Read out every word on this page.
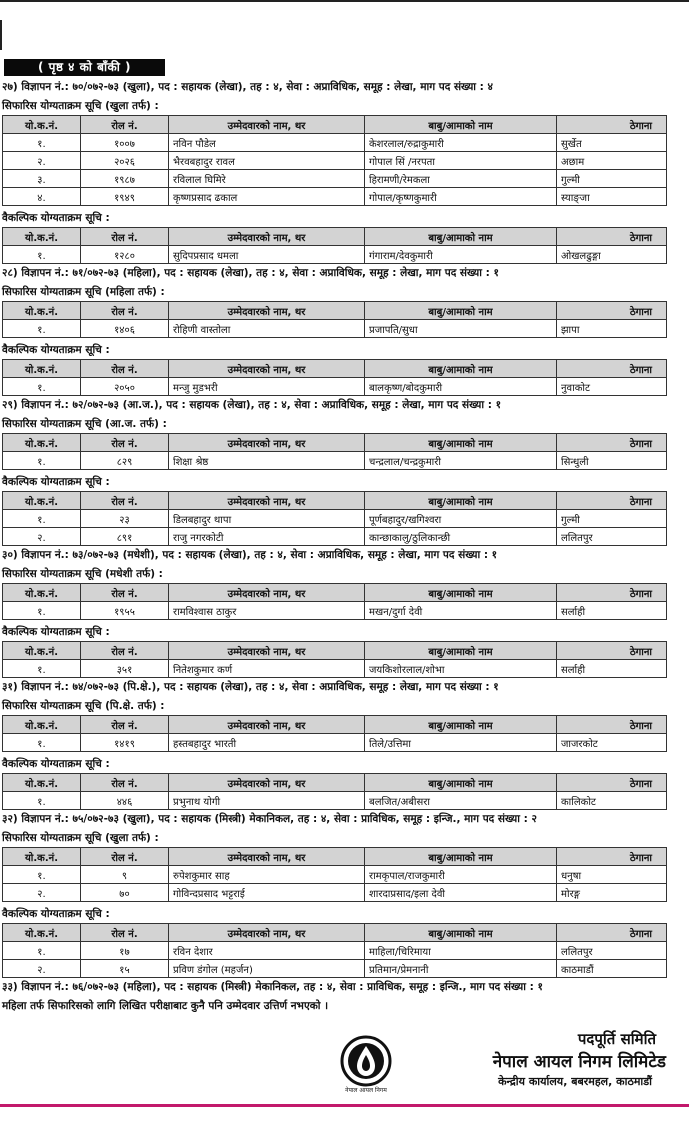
( पृष्ठ ४ को बाँकी )
२७) विज्ञापन नं.: ७०/०७२-७३ (खुला), पद : सहायक (लेखा), तह : ४, सेवा : अप्राविधिक, समूह : लेखा, माग पद संख्या : ४
सिफारिस योग्यताक्रम सूचि (खुला तर्फ) :
यो.क.नं.	रोल नं.	उम्मेदवारको नाम, थर	बाबु/आमाको नाम	ठेगाना
१.	१००७	नविन पौडेल	केशरलाल/रुद्राकुमारी	सुर्खेत
२.	२०२६	भैरवबहादुर रावल	गोपाल सिं /नरपता	अछाम
३.	१९८७	रविलाल घिमिरे	हिरामणी/रेमकला	गुल्मी
४.	१९४९	कृष्णप्रसाद ढकाल	गोपाल/कृष्णकुमारी	स्याङ्जा
वैकल्पिक योग्यताक्रम सूचि :
यो.क.नं.	रोल नं.	उम्मेदवारको नाम, थर	बाबु/आमाको नाम	ठेगाना
१.	१२८०	सुदिपप्रसाद धमला	गंगाराम/देवकुमारी	ओखलढुङ्गा
२८) विज्ञापन नं.: ७१/०७२-७३ (महिला), पद : सहायक (लेखा), तह : ४, सेवा : अप्राविधिक, समूह : लेखा, माग पद संख्या : १
सिफारिस योग्यताक्रम सूचि (महिला तर्फ) :
यो.क.नं.	रोल नं.	उम्मेदवारको नाम, थर	बाबु/आमाको नाम	ठेगाना
१.	१४०६	रोहिणी वास्तोला	प्रजापति/सुधा	झापा
वैकल्पिक योग्यताक्रम सूचि :
यो.क.नं.	रोल नं.	उम्मेदवारको नाम, थर	बाबु/आमाको नाम	ठेगाना
१.	२०५०	मन्जु मुडभरी	बालकृष्ण/बोदकुमारी	नुवाकोट
२९) विज्ञापन नं.: ७२/०७२-७३ (आ.ज.), पद : सहायक (लेखा), तह : ४, सेवा : अप्राविधिक, समूह : लेखा, माग पद संख्या : १
सिफारिस योग्यताक्रम सूचि (आ.ज. तर्फ) :
यो.क.नं.	रोल नं.	उम्मेदवारको नाम, थर	बाबु/आमाको नाम	ठेगाना
१.	८२९	शिक्षा श्रेष्ठ	चन्द्रलाल/चन्द्रकुमारी	सिन्धुली
वैकल्पिक योग्यताक्रम सूचि :
यो.क.नं.	रोल नं.	उम्मेदवारको नाम, थर	बाबु/आमाको नाम	ठेगाना
१.	२३	डिलबहादुर थापा	पूर्णबहादुर/खगिश्वरा	गुल्मी
२.	८९१	राजु नगरकोटी	कान्छाकालु/ठुलिकान्छी	ललितपुर
३०) विज्ञापन नं.: ७३/०७२-७३ (मधेशी), पद : सहायक (लेखा), तह : ४, सेवा : अप्राविधिक, समूह : लेखा, माग पद संख्या : १
सिफारिस योग्यताक्रम सूचि (मधेशी तर्फ) :
यो.क.नं.	रोल नं.	उम्मेदवारको नाम, थर	बाबु/आमाको नाम	ठेगाना
१.	१९५५	रामविश्वास ठाकुर	मखन/दुर्गा देवी	सर्लाही
वैकल्पिक योग्यताक्रम सूचि :
यो.क.नं.	रोल नं.	उम्मेदवारको नाम, थर	बाबु/आमाको नाम	ठेगाना
१.	३५१	नितेशकुमार कर्ण	जयकिशोरलाल/शोभा	सर्लाही
३१) विज्ञापन नं.: ७४/०७२-७३ (पि.क्षे.), पद : सहायक (लेखा), तह : ४, सेवा : अप्राविधिक, समूह : लेखा, माग पद संख्या : १
सिफारिस योग्यताक्रम सूचि (पि.क्षे. तर्फ) :
यो.क.नं.	रोल नं.	उम्मेदवारको नाम, थर	बाबु/आमाको नाम	ठेगाना
१.	१४१९	हस्तबहादुर भारती	तिले/उत्तिमा	जाजरकोट
वैकल्पिक योग्यताक्रम सूचि :
यो.क.नं.	रोल नं.	उम्मेदवारको नाम, थर	बाबु/आमाको नाम	ठेगाना
१.	४४६	प्रभुनाथ योगी	बलजित/अबीसरा	कालिकोट
३२) विज्ञापन नं.: ७५/०७२-७३ (खुला), पद : सहायक (मिस्त्री) मेकानिकल, तह : ४, सेवा : प्राविधिक, समूह : इन्जि., माग पद संख्या : २
सिफारिस योग्यताक्रम सूचि (खुला तर्फ) :
यो.क.नं.	रोल नं.	उम्मेदवारको नाम, थर	बाबु/आमाको नाम	ठेगाना
१.	९	रुपेशकुमार साह	रामकृपाल/राजकुमारी	धनुषा
२.	७०	गोविन्दप्रसाद भट्टराई	शारदाप्रसाद/इला देवी	मोरङ्ग
वैकल्पिक योग्यताक्रम सूचि :
यो.क.नं.	रोल नं.	उम्मेदवारको नाम, थर	बाबु/आमाको नाम	ठेगाना
१.	१७	रविन देशार	माहिला/चिरिमाया	ललितपुर
२.	१५	प्रविण डंगोल (महर्जन)	प्रतिमान/प्रेमनानी	काठमाडौं
३३) विज्ञापन नं.: ७६/०७२-७३ (महिला), पद : सहायक (मिस्त्री) मेकानिकल, तह : ४, सेवा : प्राविधिक, समूह : इन्जि., माग पद संख्या : १
महिला तर्फ सिफारिसको लागि लिखित परीक्षाबाट कुनै पनि उम्मेदवार उत्तिर्ण नभएको ।
नेपाल आयल निगम
पदपूर्ति समिति
नेपाल आयल निगम लिमिटेड
केन्द्रीय कार्यालय, बबरमहल, काठमाडौं
